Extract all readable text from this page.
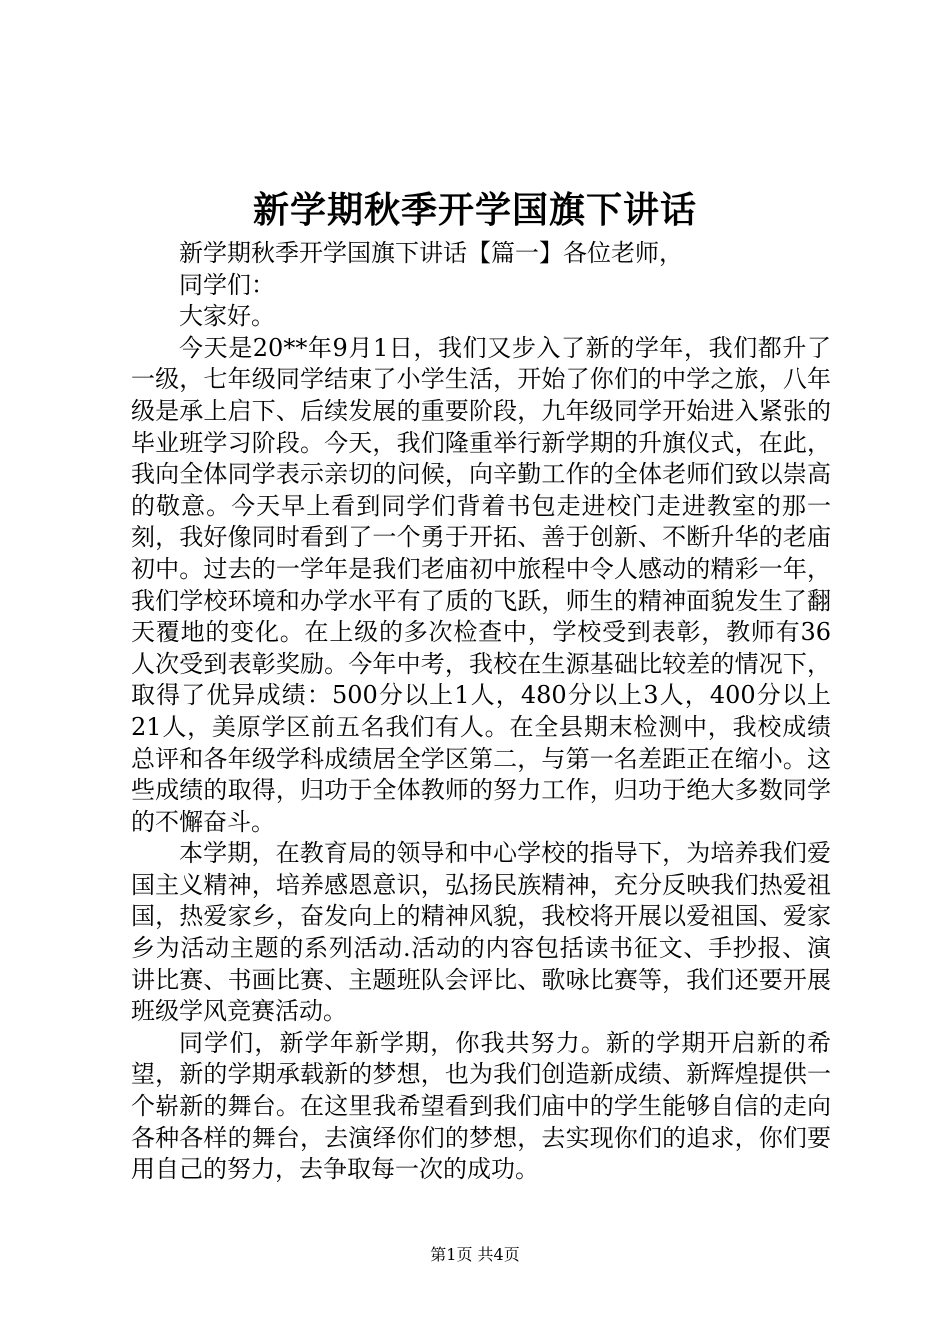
新学期秋季开学国旗下讲话

新学期秋季开学国旗下讲话【篇一】各位老师，

同学们：

大家好。

今天是20**年9月1日，我们又步入了新的学年，我们都升了一级，七年级同学结束了小学生活，开始了你们的中学之旅，八年级是承上启下、后续发展的重要阶段，九年级同学开始进入紧张的毕业班学习阶段。今天，我们隆重举行新学期的升旗仪式，在此，我向全体同学表示亲切的问候，向辛勤工作的全体老师们致以崇高的敬意。今天早上看到同学们背着书包走进校门走进教室的那一刻，我好像同时看到了一个勇于开拓、善于创新、不断升华的老庙初中。过去的一学年是我们老庙初中旅程中令人感动的精彩一年，我们学校环境和办学水平有了质的飞跃，师生的精神面貌发生了翻天覆地的变化。在上级的多次检查中，学校受到表彰，教师有36人次受到表彰奖励。今年中考，我校在生源基础比较差的情况下，取得了优异成绩：500分以上1人，480分以上3人，400分以上21人，美原学区前五名我们有人。在全县期末检测中，我校成绩总评和各年级学科成绩居全学区第二，与第一名差距正在缩小。这些成绩的取得，归功于全体教师的努力工作，归功于绝大多数同学的不懈奋斗。

本学期，在教育局的领导和中心学校的指导下，为培养我们爱国主义精神，培养感恩意识，弘扬民族精神，充分反映我们热爱祖国，热爱家乡，奋发向上的精神风貌，我校将开展以爱祖国、爱家乡为活动主题的系列活动.活动的内容包括读书征文、手抄报、演讲比赛、书画比赛、主题班队会评比、歌咏比赛等，我们还要开展班级学风竞赛活动。

同学们，新学年新学期，你我共努力。新的学期开启新的希望，新的学期承载新的梦想，也为我们创造新成绩、新辉煌提供一个崭新的舞台。在这里我希望看到我们庙中的学生能够自信的走向各种各样的舞台，去演绎你们的梦想，去实现你们的追求，你们要用自己的努力，去争取每一次的成功。

第1页 共4页
